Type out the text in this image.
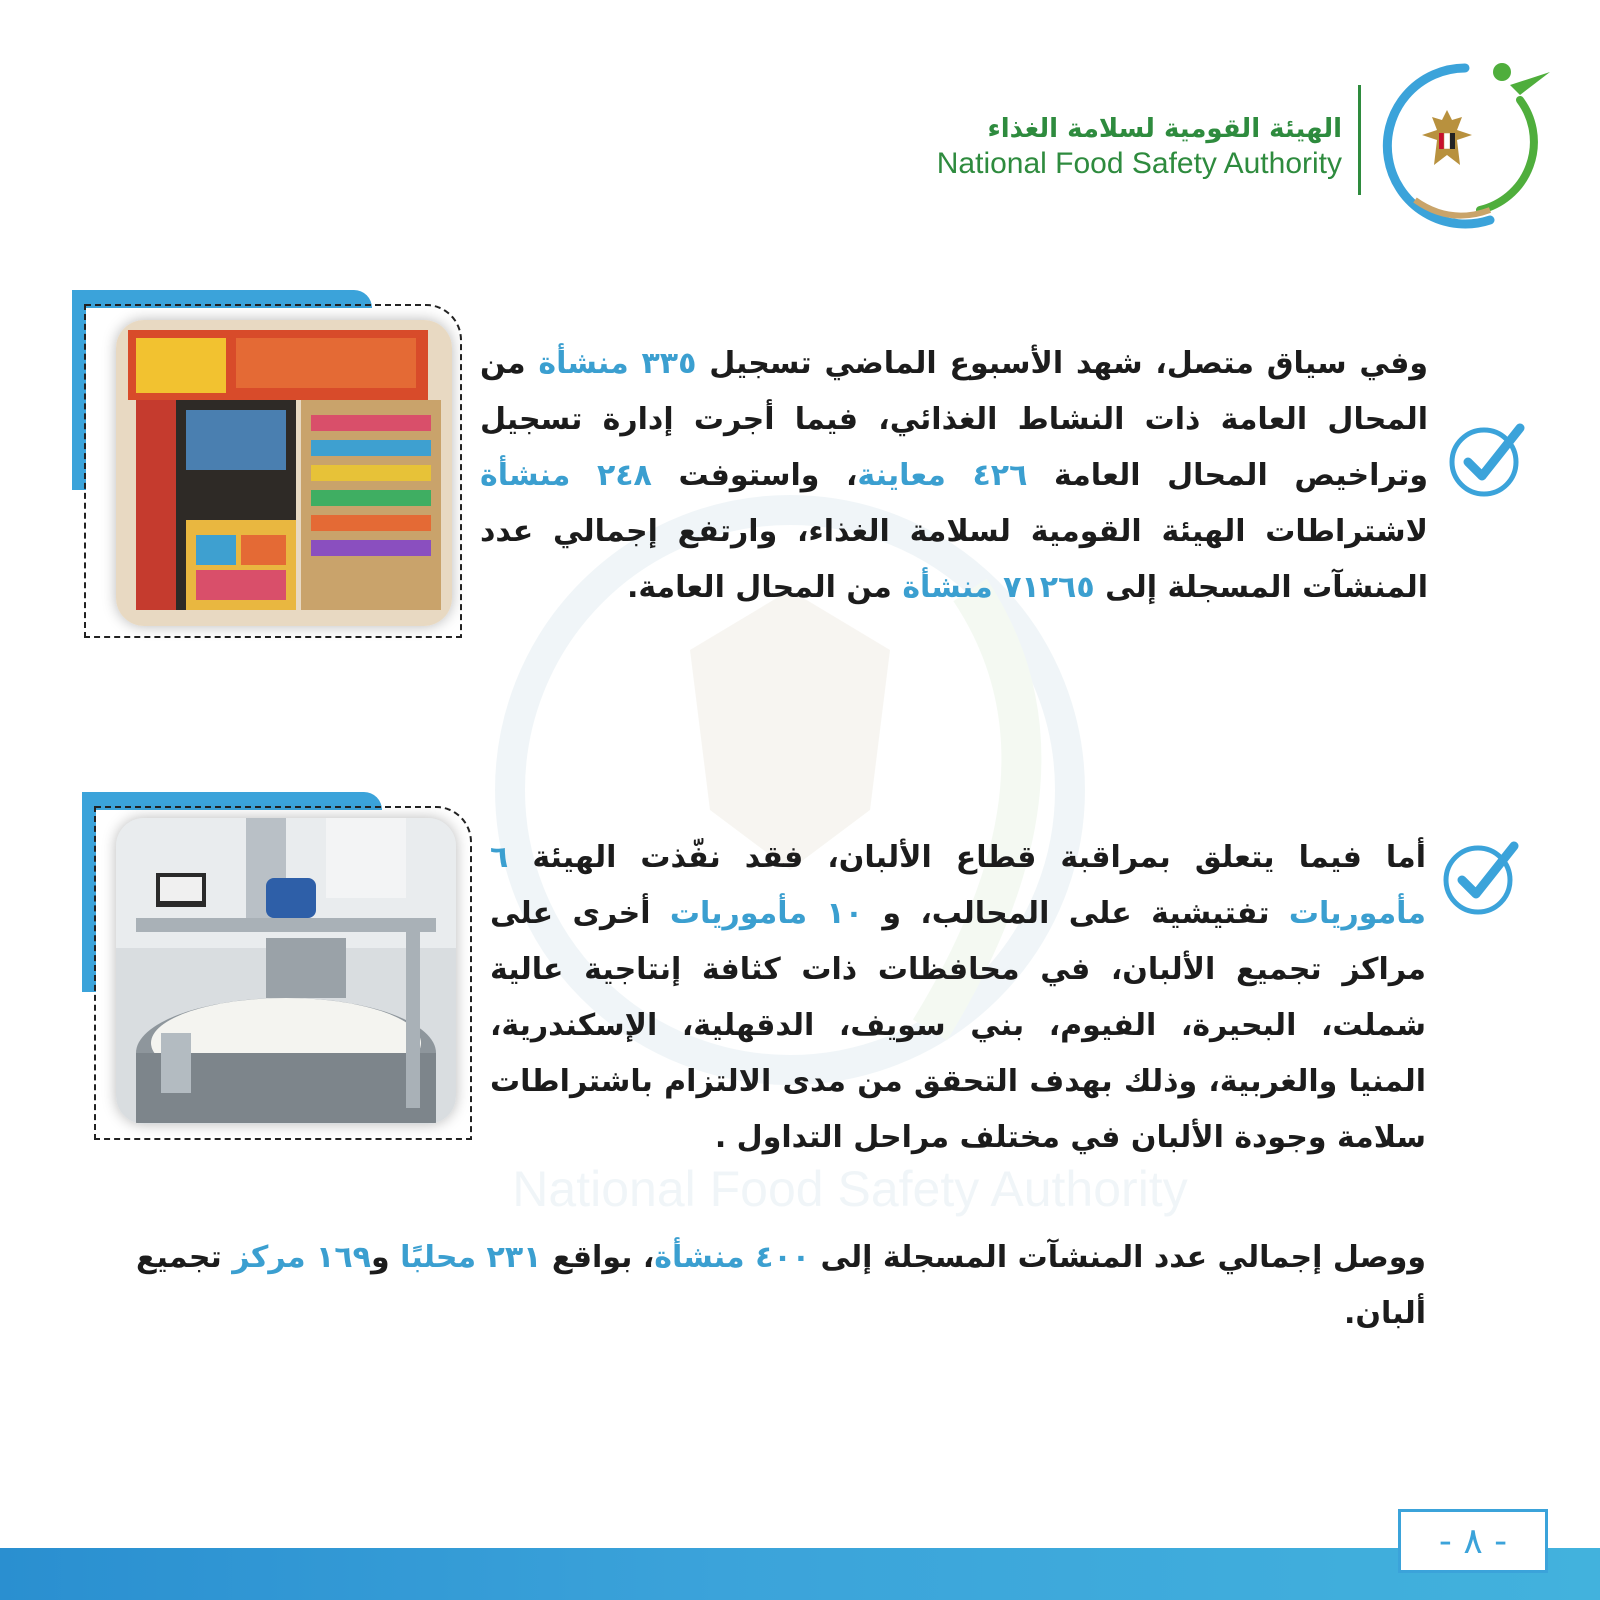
الهيئة القومية لسلامة الغذاء
National Food Safety Authority	NFSA
National Food Safety Authority
وفي سياق متصل، شهد الأسبوع الماضي تسجيل ٣٣٥ منشأة من المحال العامة ذات النشاط الغذائي، فيما أجرت إدارة تسجيل وتراخيص المحال العامة ٤٢٦ معاينة، واستوفت ٢٤٨ منشأة لاشتراطات الهيئة القومية لسلامة الغذاء، وارتفع إجمالي عدد المنشآت المسجلة إلى ٧١٢٦٥ منشأة من المحال العامة.
أما فيما يتعلق بمراقبة قطاع الألبان، فقد نفّذت الهيئة ٦ مأموريات تفتيشية على المحالب، و ١٠ مأموريات أخرى على مراكز تجميع الألبان، في محافظات ذات كثافة إنتاجية عالية شملت، البحيرة، الفيوم، بني سويف، الدقهلية، الإسكندرية، المنيا والغربية، وذلك بهدف التحقق من مدى الالتزام باشتراطات سلامة وجودة الألبان في مختلف مراحل التداول .
ووصل إجمالي عدد المنشآت المسجلة إلى ٤٠٠ منشأة، بواقع ٢٣١ محلبًا و١٦٩ مركز تجميع ألبان.
- ٨ -
